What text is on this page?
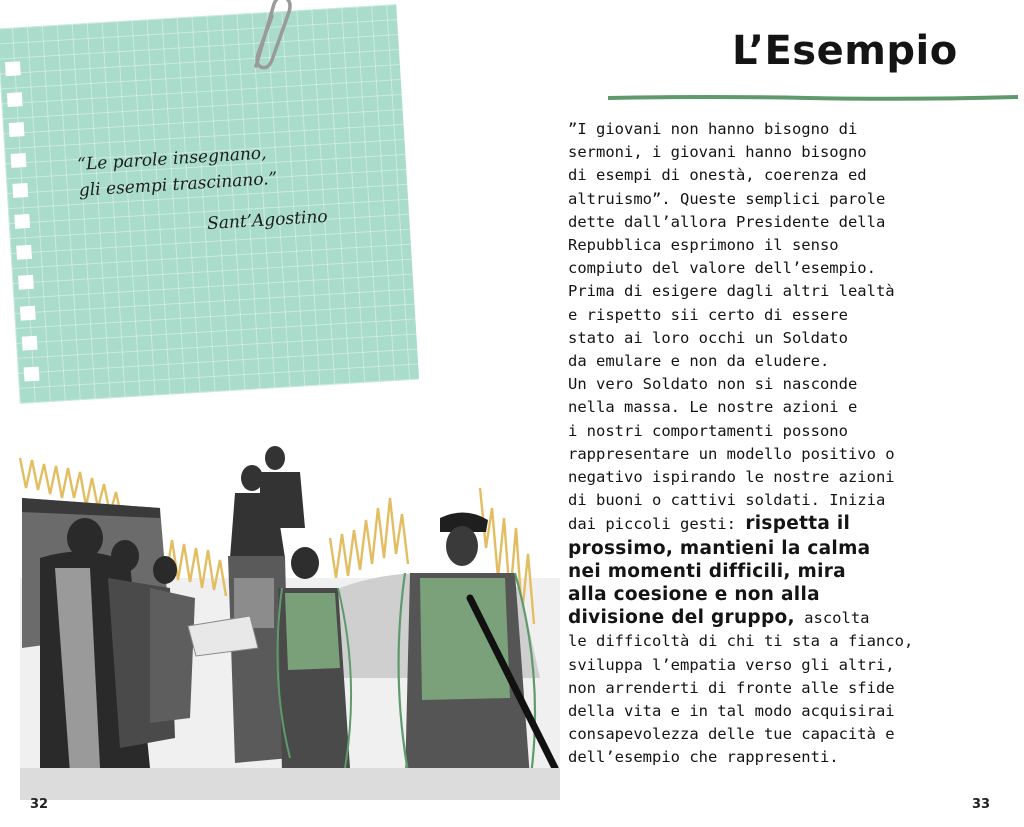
“Le parole insegnano,
gli esempi trascinano.”
Sant’Agostino
32
L’Esempio
”I giovani non hanno bisogno di
sermoni, i giovani hanno bisogno
di esempi di onestà, coerenza ed
altruismo”. Queste semplici parole
dette dall’allora Presidente della
Repubblica esprimono il senso
compiuto del valore dell’esempio.
Prima di esigere dagli altri lealtà
e rispetto sii certo di essere
stato ai loro occhi un Soldato
da emulare e non da eludere.
Un vero Soldato non si nasconde
nella massa. Le nostre azioni e
i nostri comportamenti possono
rappresentare un modello positivo o
negativo ispirando le nostre azioni
di buoni o cattivi soldati. Inizia
dai piccoli gesti: rispetta il
prossimo, mantieni la calma
nei momenti difficili, mira
alla coesione e non alla
divisione del gruppo, ascolta
le difficoltà di chi ti sta a fianco,
sviluppa l’empatia verso gli altri,
non arrenderti di fronte alle sfide
della vita e in tal modo acquisirai
consapevolezza delle tue capacità e
dell’esempio che rappresenti.
33
